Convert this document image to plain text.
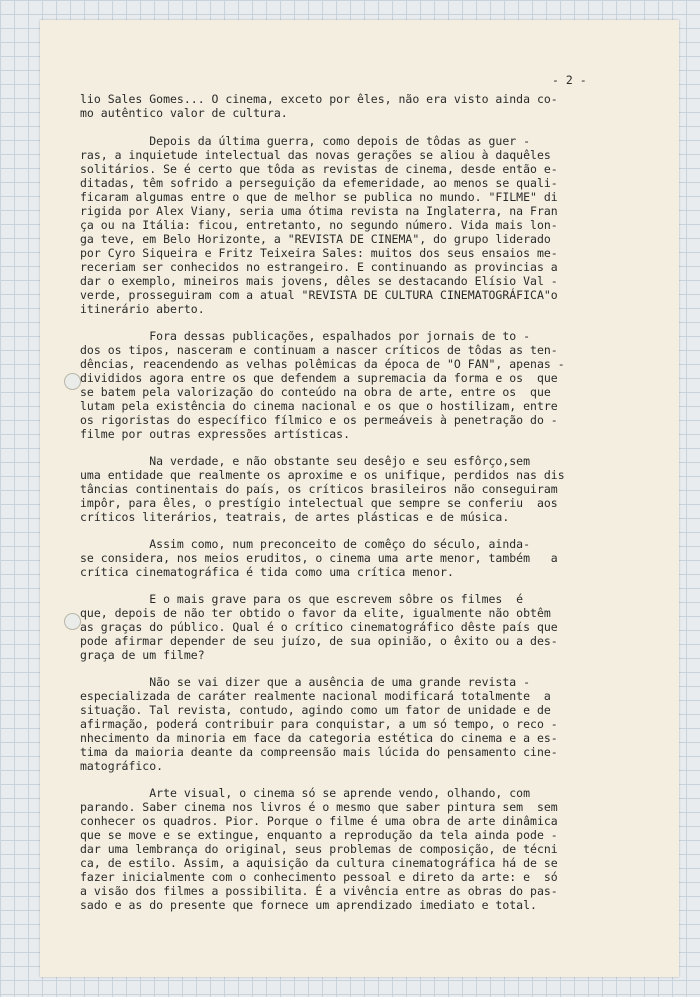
- 2 -

lio Sales Gomes... O cinema, exceto por êles, não era visto ainda co-
mo autêntico valor de cultura.

Depois da última guerra, como depois de tôdas as guer -
ras, a inquietude intelectual das novas gerações se aliou à daquêles
solitários. Se é certo que tôda as revistas de cinema, desde então e-
ditadas, têm sofrido a perseguição da efemeridade, ao menos se quali-
ficaram algumas entre o que de melhor se publica no mundo. "FILME" di
rigida por Alex Viany, seria uma ótima revista na Inglaterra, na Fran
ça ou na Itália: ficou, entretanto, no segundo número. Vida mais lon-
ga teve, em Belo Horizonte, a "REVISTA DE CINEMA", do grupo liderado
por Cyro Siqueira e Fritz Teixeira Sales: muitos dos seus ensaios me-
receriam ser conhecidos no estrangeiro. E continuando as provincias a
dar o exemplo, mineiros mais jovens, dêles se destacando Elísio Val -
verde, prosseguiram com a atual "REVISTA DE CULTURA CINEMATOGRÁFICA"o
itinerário aberto.

Fora dessas publicações, espalhados por jornais de to -
dos os tipos, nasceram e continuam a nascer críticos de tôdas as ten-
dências, reacendendo as velhas polêmicas da época de "O FAN", apenas -
divididos agora entre os que defendem a supremacia da forma e os  que
se batem pela valorização do conteúdo na obra de arte, entre os  que
lutam pela existência do cinema nacional e os que o hostilizam, entre
os rigoristas do específico fílmico e os permeáveis à penetração do -
filme por outras expressões artísticas.

Na verdade, e não obstante seu desêjo e seu esfôrço,sem
uma entidade que realmente os aproxime e os unifique, perdidos nas dis
tâncias continentais do país, os críticos brasileiros não conseguiram
impôr, para êles, o prestígio intelectual que sempre se conferiu  aos
críticos literários, teatrais, de artes plásticas e de música.

Assim como, num preconceito de comêço do século, ainda-
se considera, nos meios eruditos, o cinema uma arte menor, também   a
crítica cinematográfica é tida como uma crítica menor.

E o mais grave para os que escrevem sôbre os filmes  é
que, depois de não ter obtido o favor da elite, igualmente não obtêm
as graças do público. Qual é o crítico cinematográfico dêste país que
pode afirmar depender de seu juízo, de sua opinião, o êxito ou a des-
graça de um filme?

Não se vai dizer que a ausência de uma grande revista -
especializada de caráter realmente nacional modificará totalmente  a
situação. Tal revista, contudo, agindo como um fator de unidade e de
afirmação, poderá contribuir para conquistar, a um só tempo, o reco -
nhecimento da minoria em face da categoria estética do cinema e a es-
tima da maioria deante da compreensão mais lúcida do pensamento cine-
matográfico.

Arte visual, o cinema só se aprende vendo, olhando, com
parando. Saber cinema nos livros é o mesmo que saber pintura sem  sem
conhecer os quadros. Pior. Porque o filme é uma obra de arte dinâmica
que se move e se extingue, enquanto a reprodução da tela ainda pode -
dar uma lembrança do original, seus problemas de composição, de técni
ca, de estilo. Assim, a aquisição da cultura cinematográfica há de se
fazer inicialmente com o conhecimento pessoal e direto da arte: e  só
a visão dos filmes a possibilita. É a vivência entre as obras do pas-
sado e as do presente que fornece um aprendizado imediato e total.
